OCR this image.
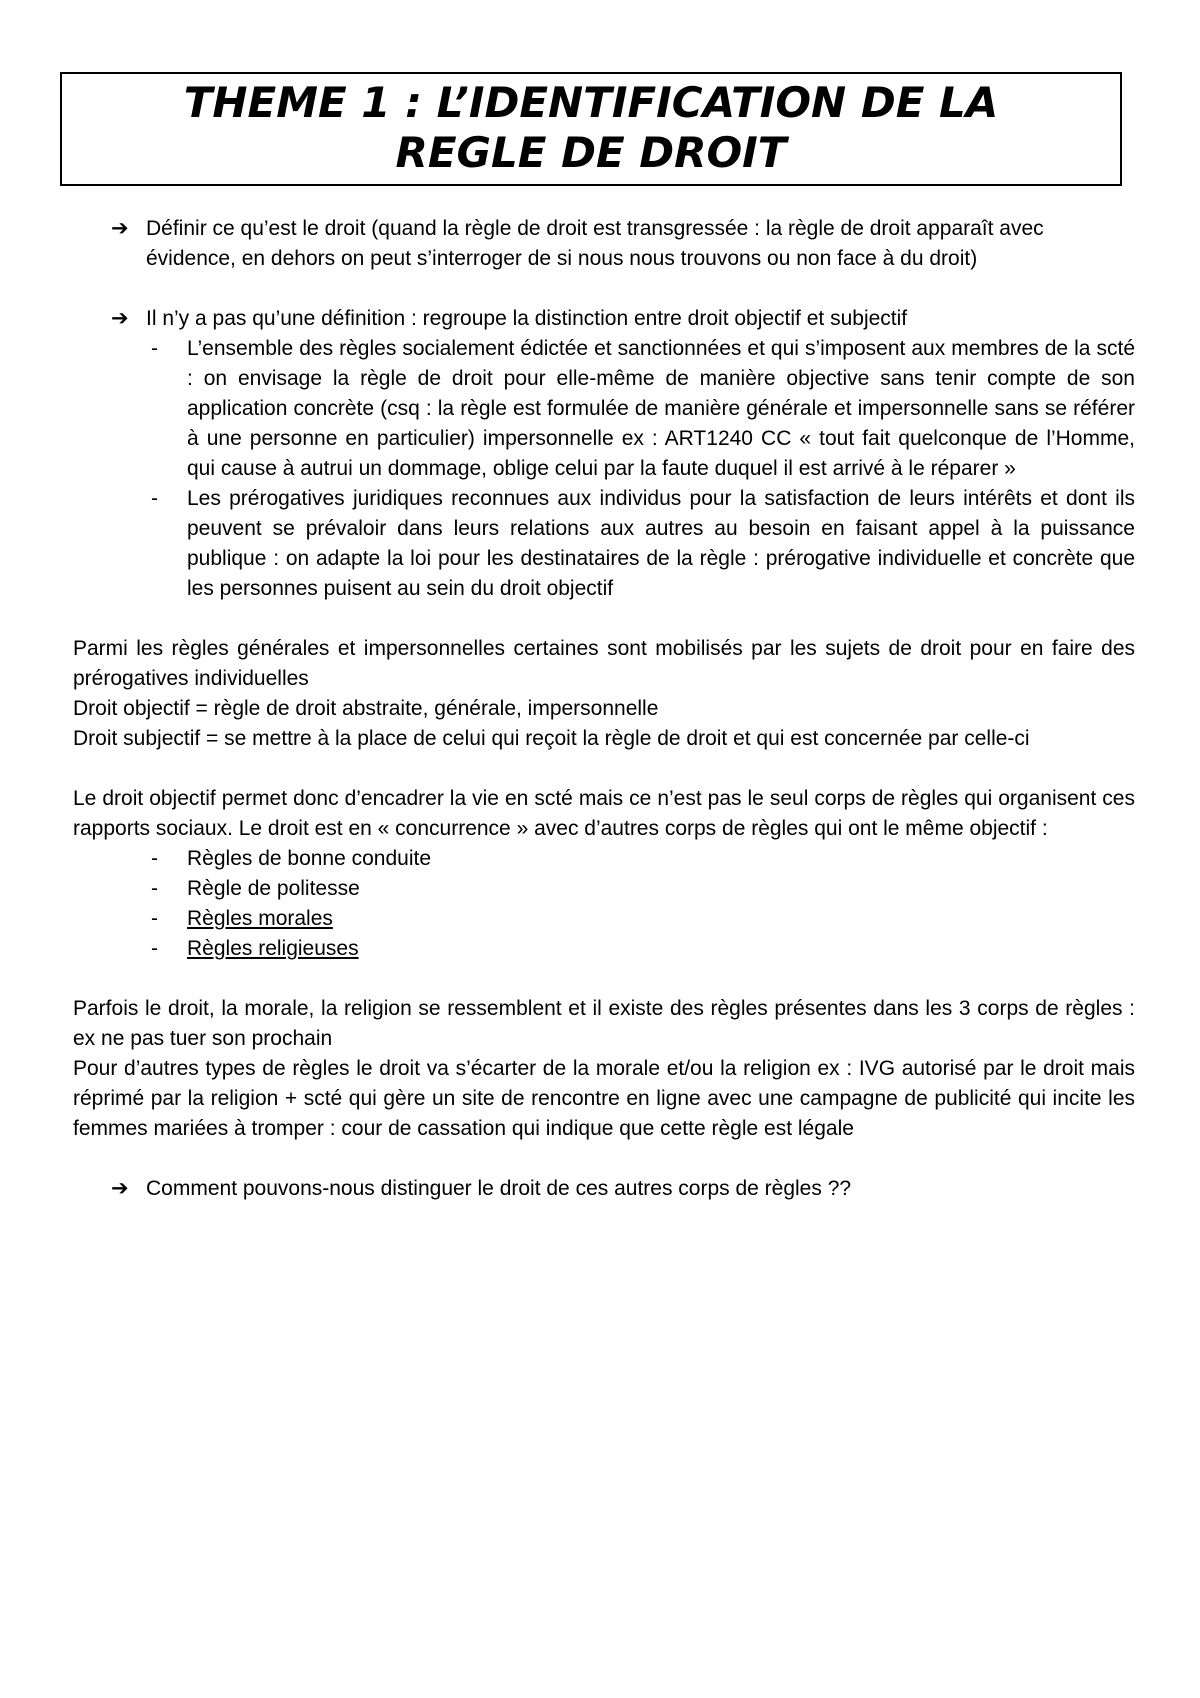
THEME 1 : L’IDENTIFICATION DE LA

REGLE DE DROIT

➔ Définir ce qu’est le droit (quand la règle de droit est transgressée : la règle de droit apparaît avec évidence, en dehors on peut s’interroger de si nous nous trouvons ou non face à du droit)

➔ Il n’y a pas qu’une définition : regroupe la distinction entre droit objectif et subjectif

- L’ensemble des règles socialement édictée et sanctionnées et qui s’imposent aux membres de la scté : on envisage la règle de droit pour elle-même de manière objective sans tenir compte de son application concrète (csq : la règle est formulée de manière générale et impersonnelle sans se référer à une personne en particulier) impersonnelle ex : ART1240 CC « tout fait quelconque de l’Homme, qui cause à autrui un dommage, oblige celui par la faute duquel il est arrivé à le réparer »

- Les prérogatives juridiques reconnues aux individus pour la satisfaction de leurs intérêts et dont ils peuvent se prévaloir dans leurs relations aux autres au besoin en faisant appel à la puissance publique : on adapte la loi pour les destinataires de la règle : prérogative individuelle et concrète que les personnes puisent au sein du droit objectif

Parmi les règles générales et impersonnelles certaines sont mobilisés par les sujets de droit pour en faire des prérogatives individuelles

Droit objectif = règle de droit abstraite, générale, impersonnelle

Droit subjectif = se mettre à la place de celui qui reçoit la règle de droit et qui est concernée par celle-ci

Le droit objectif permet donc d’encadrer la vie en scté mais ce n’est pas le seul corps de règles qui organisent ces rapports sociaux. Le droit est en « concurrence » avec d’autres corps de règles qui ont le même objectif :

- Règles de bonne conduite

- Règle de politesse

- Règles morales

- Règles religieuses

Parfois le droit, la morale, la religion se ressemblent et il existe des règles présentes dans les 3 corps de règles : ex ne pas tuer son prochain

Pour d’autres types de règles le droit va s’écarter de la morale et/ou la religion ex : IVG autorisé par le droit mais réprimé par la religion + scté qui gère un site de rencontre en ligne avec une campagne de publicité qui incite les femmes mariées à tromper : cour de cassation qui indique que cette règle est légale

➔ Comment pouvons-nous distinguer le droit de ces autres corps de règles ??
